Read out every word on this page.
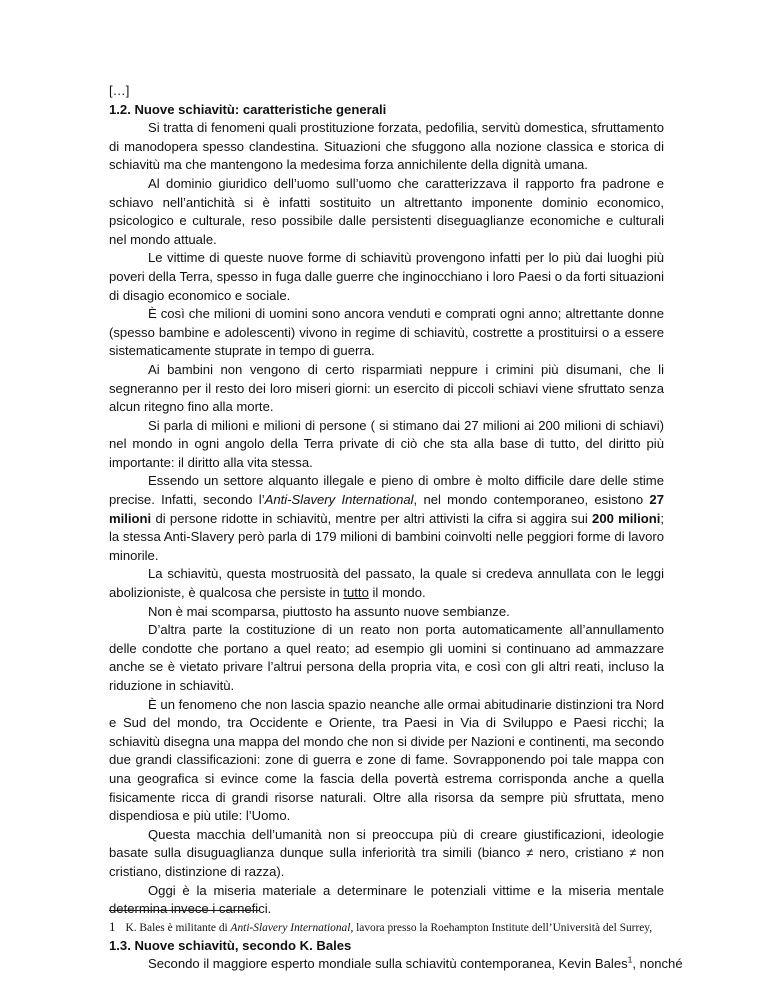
[…]

1.2. Nuove schiavitù: caratteristiche generali

Si tratta di fenomeni quali prostituzione forzata, pedofilia, servitù domestica, sfruttamento di manodopera spesso clandestina. Situazioni che sfuggono alla nozione classica e storica di schiavitù ma che mantengono la medesima forza annichilente della dignità umana.

Al dominio giuridico dell’uomo sull’uomo che caratterizzava il rapporto fra padrone e schiavo nell’antichità si è infatti sostituito un altrettanto imponente dominio economico, psicologico e culturale, reso possibile dalle persistenti diseguaglianze economiche e culturali nel mondo attuale.

Le vittime di queste nuove forme di schiavitù provengono infatti per lo più dai luoghi più poveri della Terra, spesso in fuga dalle guerre che inginocchiano i loro Paesi o da forti situazioni di disagio economico e sociale.

È così che milioni di uomini sono ancora venduti e comprati ogni anno; altrettante donne (spesso bambine e adolescenti) vivono in regime di schiavitù, costrette a prostituirsi o a essere sistematicamente stuprate in tempo di guerra.

Ai bambini non vengono di certo risparmiati neppure i crimini più disumani, che li segneranno per il resto dei loro miseri giorni: un esercito di piccoli schiavi viene sfruttato senza alcun ritegno fino alla morte.

Si parla di milioni e milioni di persone ( si stimano dai 27 milioni ai 200 milioni di schiavi) nel mondo in ogni angolo della Terra private di ciò che sta alla base di tutto, del diritto più importante: il diritto alla vita stessa.

Essendo un settore alquanto illegale e pieno di ombre è molto difficile dare delle stime precise. Infatti, secondo l’Anti-Slavery International, nel mondo contemporaneo, esistono 27 milioni di persone ridotte in schiavitù, mentre per altri attivisti la cifra si aggira sui 200 milioni; la stessa Anti-Slavery però parla di 179 milioni di bambini coinvolti nelle peggiori forme di lavoro minorile.

La schiavitù, questa mostruosità del passato, la quale si credeva annullata con le leggi abolizioniste, è qualcosa che persiste in tutto il mondo.

Non è mai scomparsa, piuttosto ha assunto nuove sembianze.

D’altra parte la costituzione di un reato non porta automaticamente all’annullamento delle condotte che portano a quel reato; ad esempio gli uomini si continuano ad ammazzare anche se è vietato privare l’altrui persona della propria vita, e così con gli altri reati, incluso la riduzione in schiavitù.

È un fenomeno che non lascia spazio neanche alle ormai abitudinarie distinzioni tra Nord e Sud del mondo, tra Occidente e Oriente, tra Paesi in Via di Sviluppo e Paesi ricchi; la schiavitù disegna una mappa del mondo che non si divide per Nazioni e continenti, ma secondo due grandi classificazioni: zone di guerra e zone di fame. Sovrapponendo poi tale mappa con una geografica si evince come la fascia della povertà estrema corrisponda anche a quella fisicamente ricca di grandi risorse naturali. Oltre alla risorsa da sempre più sfruttata, meno dispendiosa e più utile: l’Uomo.

Questa macchia dell’umanità non si preoccupa più di creare giustificazioni, ideologie basate sulla disuguaglianza dunque sulla inferiorità tra simili (bianco ≠ nero, cristiano ≠ non cristiano, distinzione di razza).

Oggi è la miseria materiale a determinare le potenziali vittime e la miseria mentale determina invece i carnefici.

1.3. Nuove schiavitù, secondo K. Bales

Secondo il maggiore esperto mondiale sulla schiavitù contemporanea, Kevin Bales$^1$, nonché

1 K. Bales è militante di Anti-Slavery International, lavora presso la Roehampton Institute dell’Università del Surrey,
